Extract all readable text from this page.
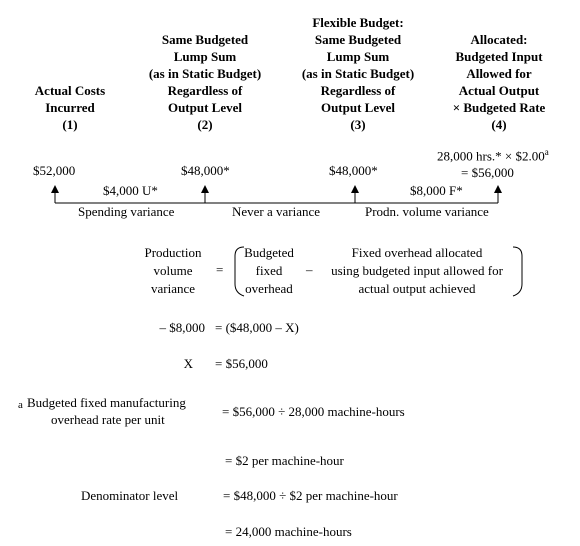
Actual Costs
Incurred
(1)
Same Budgeted
Lump Sum
(as in Static Budget)
Regardless of
Output Level
(2)
Flexible Budget:
Same Budgeted
Lump Sum
(as in Static Budget)
Regardless of
Output Level
(3)
Allocated:
Budgeted Input
Allowed for
Actual Output
× Budgeted Rate
(4)
$52,000	$48,000*	$48,000*
28,000 hrs.* × $2.00$^a$
= $56,000
$4,000 U*	$8,000 F*
Spending variance	Never a variance	Prodn. volume variance
Production
volume
variance
=
Budgeted
fixed
overhead
–
Fixed overhead allocated
using budgeted input allowed for
actual output achieved
– $8,000 = ($48,000 – X)
X = $56,000
a Budgeted fixed manufacturing
overhead rate per unit
= $56,000 ÷ 28,000 machine-hours
= $2 per machine-hour
Denominator level	= $48,000 ÷ $2 per machine-hour
= 24,000 machine-hours
